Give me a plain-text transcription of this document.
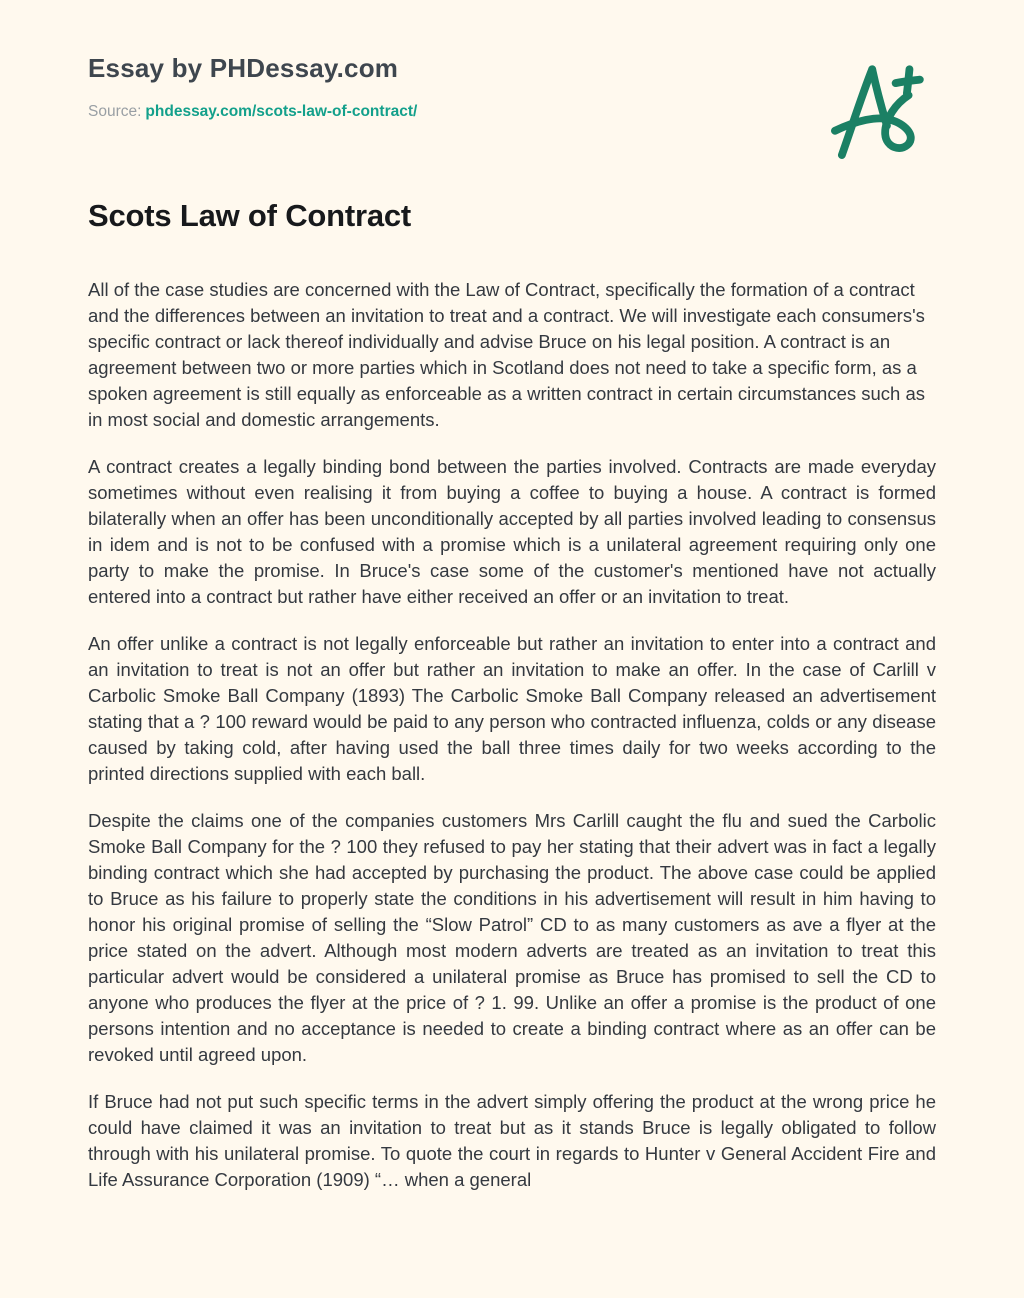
Essay by PHDessay.com
Source: phdessay.com/scots-law-of-contract/
Scots Law of Contract

All of the case studies are concerned with the Law of Contract, specifically the formation of a contract and the differences between an invitation to treat and a contract. We will investigate each consumers's specific contract or lack thereof individually and advise Bruce on his legal position. A contract is an agreement between two or more parties which in Scotland does not need to take a specific form, as a spoken agreement is still equally as enforceable as a written contract in certain circumstances such as in most social and domestic arrangements.

A contract creates a legally binding bond between the parties involved. Contracts are made everyday sometimes without even realising it from buying a coffee to buying a house. A contract is formed bilaterally when an offer has been unconditionally accepted by all parties involved leading to consensus in idem and is not to be confused with a promise which is a unilateral agreement requiring only one party to make the promise. In Bruce's case some of the customer's mentioned have not actually entered into a contract but rather have either received an offer or an invitation to treat.

An offer unlike a contract is not legally enforceable but rather an invitation to enter into a contract and an invitation to treat is not an offer but rather an invitation to make an offer. In the case of Carlill v Carbolic Smoke Ball Company (1893) The Carbolic Smoke Ball Company released an advertisement stating that a ? 100 reward would be paid to any person who contracted influenza, colds or any disease caused by taking cold, after having used the ball three times daily for two weeks according to the printed directions supplied with each ball.

Despite the claims one of the companies customers Mrs Carlill caught the flu and sued the Carbolic Smoke Ball Company for the ? 100 they refused to pay her stating that their advert was in fact a legally binding contract which she had accepted by purchasing the product. The above case could be applied to Bruce as his failure to properly state the conditions in his advertisement will result in him having to honor his original promise of selling the “Slow Patrol” CD to as many customers as ave a flyer at the price stated on the advert. Although most modern adverts are treated as an invitation to treat this particular advert would be considered a unilateral promise as Bruce has promised to sell the CD to anyone who produces the flyer at the price of ? 1. 99. Unlike an offer a promise is the product of one persons intention and no acceptance is needed to create a binding contract where as an offer can be revoked until agreed upon.

If Bruce had not put such specific terms in the advert simply offering the product at the wrong price he could have claimed it was an invitation to treat but as it stands Bruce is legally obligated to follow through with his unilateral promise. To quote the court in regards to Hunter v General Accident Fire and Life Assurance Corporation (1909) “… when a general
